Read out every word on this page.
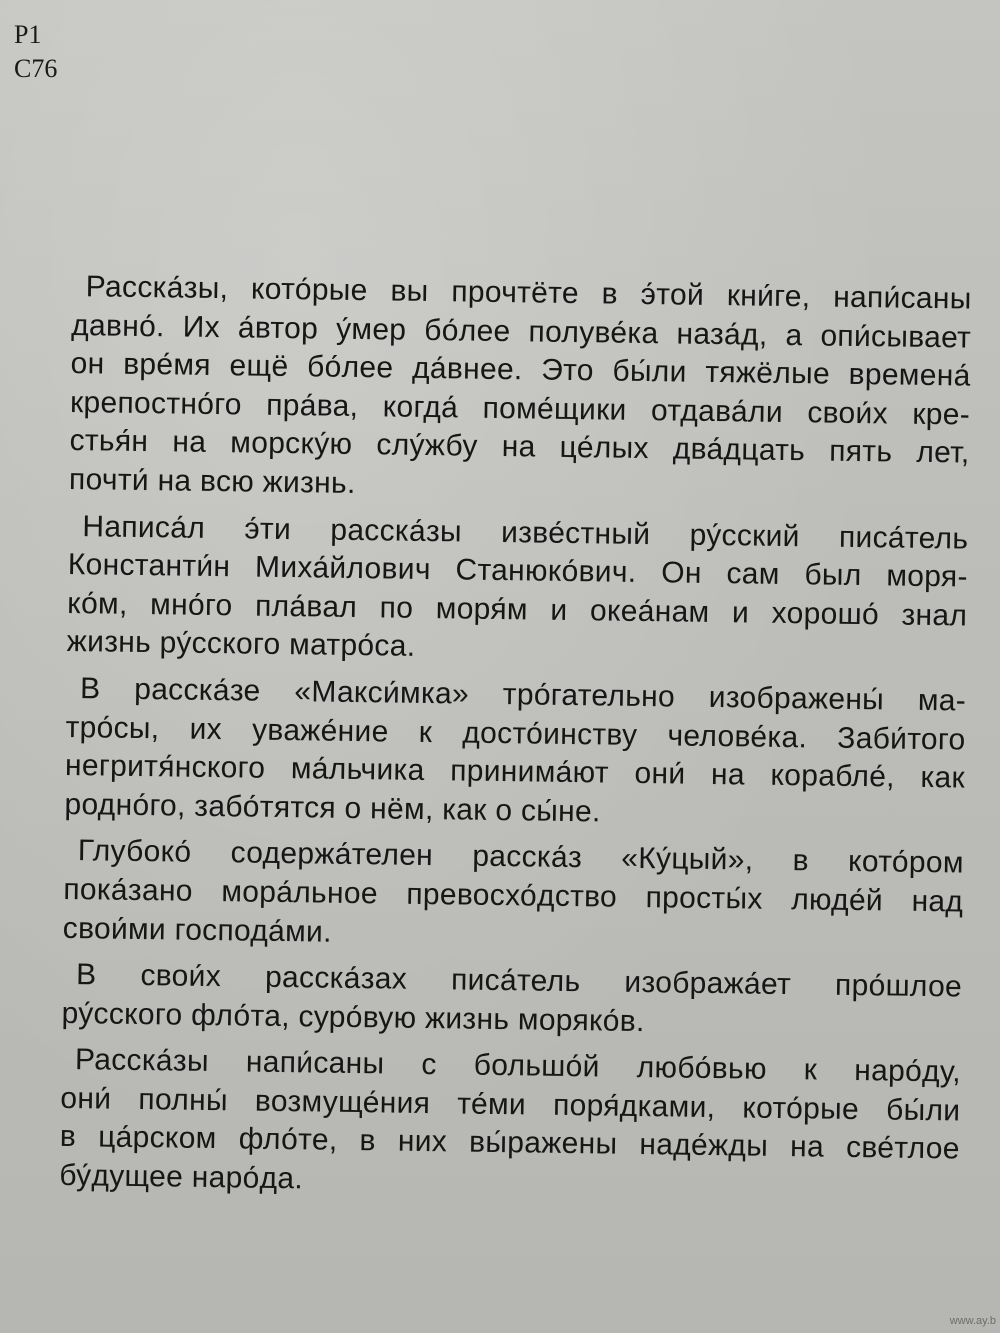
Р1
С76
Расска́зы, кото́рые вы прочтёте в э́той кни́ге, напи́саны
давно́. Их а́втор у́мер бо́лее полуве́ка наза́д, а опи́сывает
он вре́мя ещё бо́лее да́внее. Это бы́ли тяжёлые времена́
крепостно́го пра́ва, когда́ поме́щики отдава́ли свои́х кре-
стья́н на морску́ю слу́жбу на це́лых два́дцать пять лет,
почти́ на всю жизнь.
Написа́л э́ти расска́зы изве́стный ру́сский писа́тель
Константи́н Миха́йлович Станюко́вич. Он сам был моря-
ко́м, мно́го пла́вал по моря́м и океа́нам и хорошо́ знал
жизнь ру́сского матро́са.
В расска́зе «Макси́мка» тро́гательно изображены́ ма-
тро́сы, их уваже́ние к досто́инству челове́ка. Заби́того
негритя́нского ма́льчика принима́ют они́ на корабле́, как
родно́го, забо́тятся о нём, как о сы́не.
Глубоко́ содержа́телен расска́з «Ку́цый», в кото́ром
пока́зано мора́льное превосхо́дство просты́х люде́й над
свои́ми господа́ми.
В свои́х расска́зах писа́тель изобража́ет про́шлое
ру́сского фло́та, суро́вую жизнь моряко́в.
Расска́зы напи́саны с большо́й любо́вью к наро́ду,
они́ полны́ возмуще́ния те́ми поря́дками, кото́рые бы́ли
в ца́рском фло́те, в них вы́ражены наде́жды на све́тлое
бу́дущее наро́да.
www.ay.b
